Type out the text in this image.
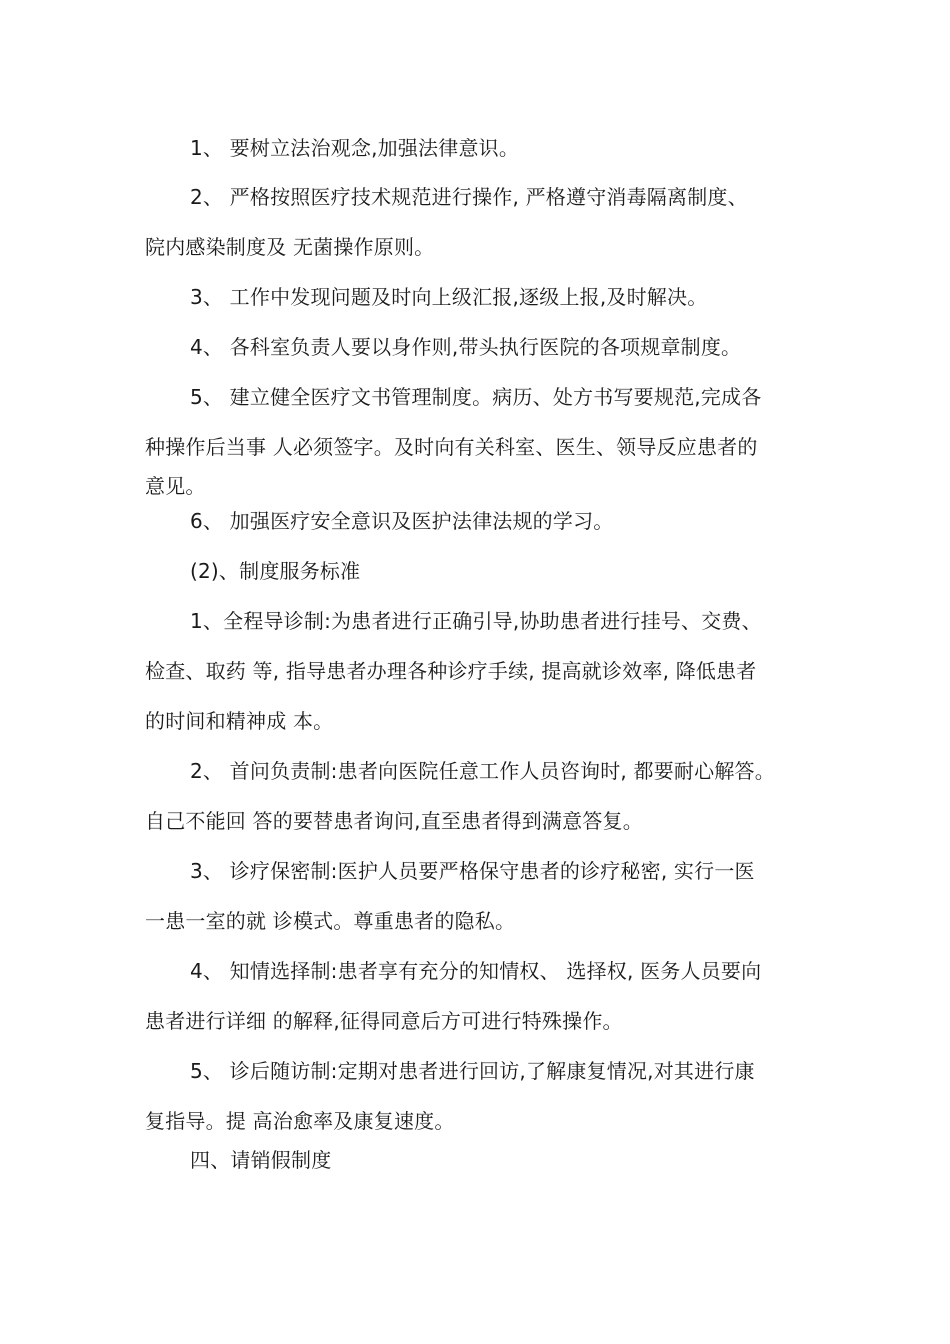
1、 要树立法治观念,加强法律意识。
2、 严格按照医疗技术规范进行操作, 严格遵守消毒隔离制度、
院内感染制度及 无菌操作原则。
3、 工作中发现问题及时向上级汇报,逐级上报,及时解决。
4、 各科室负责人要以身作则,带头执行医院的各项规章制度。
5、 建立健全医疗文书管理制度。病历、处方书写要规范,完成各
种操作后当事 人必须签字。及时向有关科室、医生、领导反应患者的
意见。
6、 加强医疗安全意识及医护法律法规的学习。
(2)、制度服务标准
1、全程导诊制:为患者进行正确引导,协助患者进行挂号、交费、
检查、取药 等, 指导患者办理各种诊疗手续, 提高就诊效率, 降低患者
的时间和精神成 本。
2、 首问负责制:患者向医院任意工作人员咨询时, 都要耐心解答。
自己不能回 答的要替患者询问,直至患者得到满意答复。
3、 诊疗保密制:医护人员要严格保守患者的诊疗秘密, 实行一医
一患一室的就 诊模式。尊重患者的隐私。
4、 知情选择制:患者享有充分的知情权、 选择权, 医务人员要向
患者进行详细 的解释,征得同意后方可进行特殊操作。
5、 诊后随访制:定期对患者进行回访,了解康复情况,对其进行康
复指导。提 高治愈率及康复速度。
四、请销假制度
